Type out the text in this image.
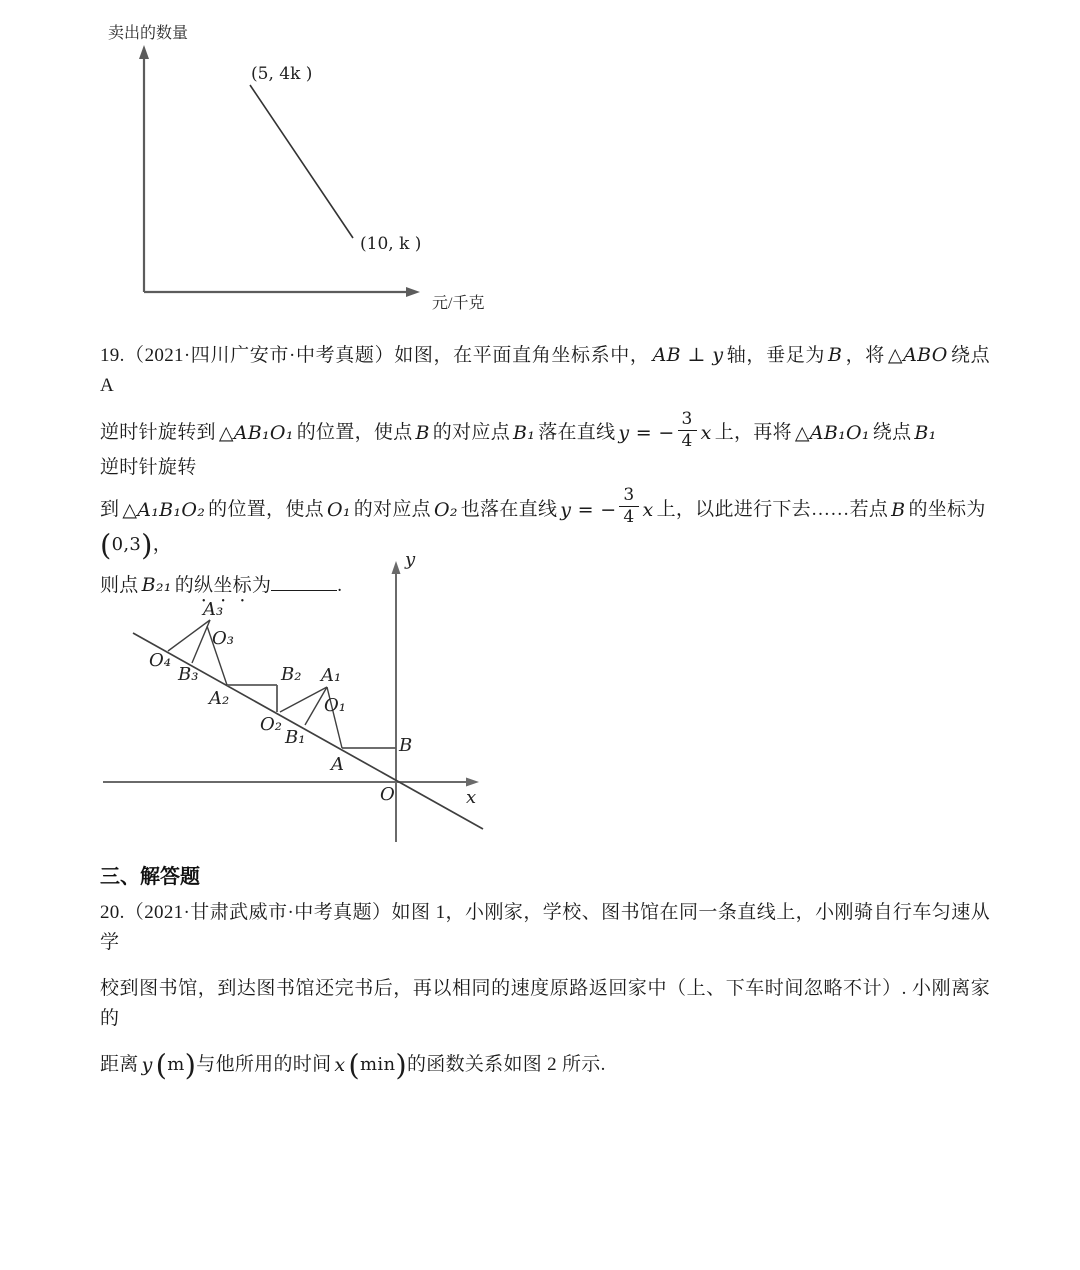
卖出的数量
(5, 4k )
(10, k )
元/千克
19.（2021·四川广安市·中考真题）如图，在平面直角坐标系中， AB ⊥ y 轴，垂足为 B ，将 △ABO 绕点 A
逆时针旋转到 △AB₁O₁ 的位置，使点 B 的对应点 B₁ 落在直线 y = − $\frac{3}{4}$ x 上，再将 △AB₁O₁ 绕点 B₁
逆时针旋转
到 △A₁B₁O₂ 的位置，使点 O₁ 的对应点 O₂ 也落在直线 y = − $\frac{3}{4}$ x 上，以此进行下去……若点 B 的坐标为
( 0,3 ) ，
则点 B₂₁ 的纵坐标为	.
y
x
O
B
A
B₁
O₂
O₁
A₁
B₂
A₂
B₃
O₄
A₃
O₃
三、解答题
20.（2021·甘肃武威市·中考真题）如图 1，小刚家，学校、图书馆在同一条直线上，小刚骑自行车匀速从学
校到图书馆，到达图书馆还完书后，再以相同的速度原路返回家中（上、下车时间忽略不计）. 小刚离家的
距离 y ( m ) 与他所用的时间 x ( min ) 的函数关系如图 2 所示.
